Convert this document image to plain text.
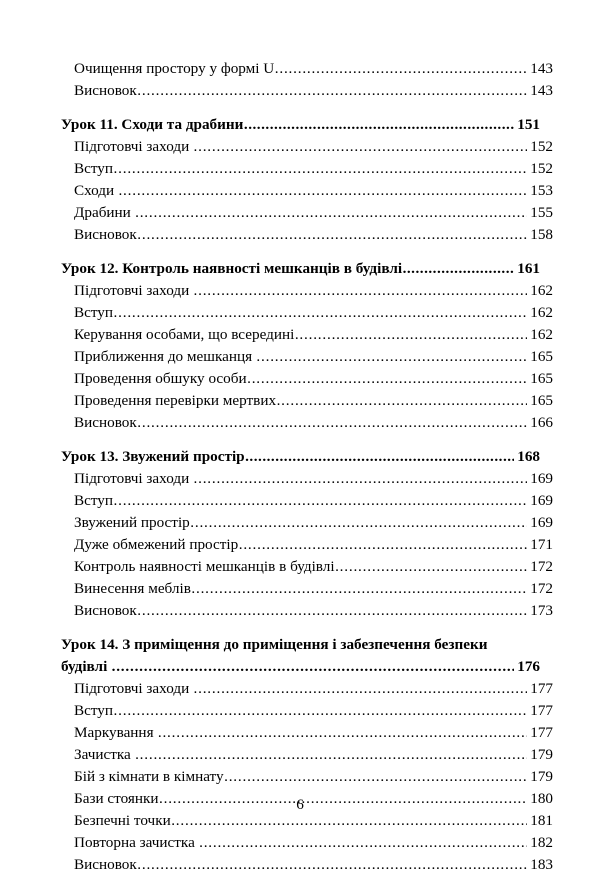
Очищення простору у формі U .....	143
Висновок .....	143
Урок 11. Сходи та драбини .....	151
Підготовчі заходи .....	152
Вступ .....	152
Сходи .....	153
Драбини .....	155
Висновок .....	158
Урок 12. Контроль наявності мешканців в будівлі .....	161
Підготовчі заходи .....	162
Вступ .....	162
Керування особами, що всередині .....	162
Приближення до мешканця .....	165
Проведення обшуку особи .....	165
Проведення перевірки мертвих .....	165
Висновок .....	166
Урок 13. Звужений простір .....	168
Підготовчі заходи .....	169
Вступ .....	169
Звужений простір .....	169
Дуже обмежений простір .....	171
Контроль наявності мешканців в будівлі .....	172
Винесення меблів .....	172
Висновок .....	173
Урок 14. З приміщення до приміщення і забезпечення безпеки
будівлі .....	176
Підготовчі заходи .....	177
Вступ .....	177
Маркування .....	177
Зачистка .....	179
Бій з кімнати в кімнату .....	179
Бази стоянки .....	180
Безпечні точки .....	181
Повторна зачистка .....	182
Висновок .....	183
6
